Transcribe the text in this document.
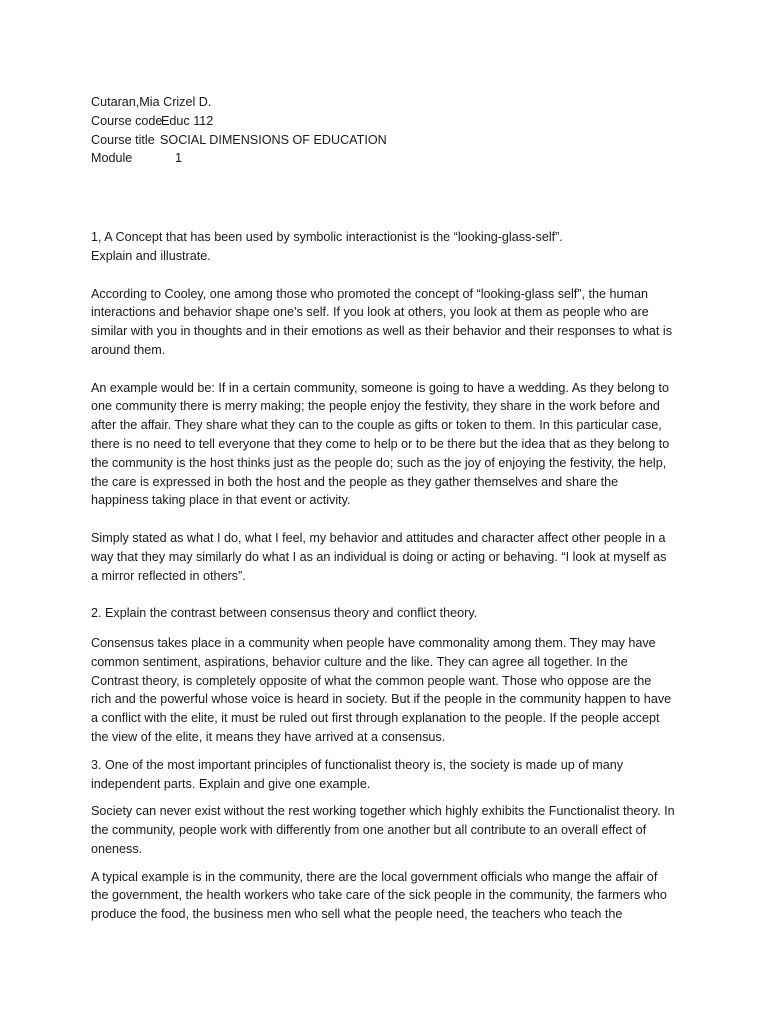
Cutaran,Mia Crizel D.
Course code
Educ 112
Course title SOCIAL DIMENSIONS OF EDUCATION
Module	1

1, A Concept that has been used by symbolic interactionist is the “looking-glass-self”.

Explain and illustrate.

According to Cooley, one among those who promoted the concept of “looking-glass self”, the human interactions and behavior shape one’s self. If you look at others, you look at them as people who are similar with you in thoughts and in their emotions as well as their behavior and their responses to what is around them.

An example would be: If in a certain community, someone is going to have a wedding. As they belong to one community there is merry making; the people enjoy the festivity, they share in the work before and after the affair. They share what they can to the couple as gifts or token to them. In this particular case, there is no need to tell everyone that they come to help or to be there but the idea that as they belong to the community is the host thinks just as the people do; such as the joy of enjoying the festivity, the help, the care is expressed in both the host and the people as they gather themselves and share the happiness taking place in that event or activity.

Simply stated as what I do, what I feel, my behavior and attitudes and character affect other people in a way that they may similarly do what I as an individual is doing or acting or behaving. “I look at myself as a mirror reflected in others”.

2. Explain the contrast between consensus theory and conflict theory.

Consensus takes place in a community when people have commonality among them. They may have common sentiment, aspirations, behavior culture and the like. They can agree all together. In the Contrast theory, is completely opposite of what the common people want. Those who oppose are the rich and the powerful whose voice is heard in society. But if the people in the community happen to have a conflict with the elite, it must be ruled out first through explanation to the people. If the people accept the view of the elite, it means they have arrived at a consensus.

3. One of the most important principles of functionalist theory is, the society is made up of many independent parts. Explain and give one example.

Society can never exist without the rest working together which highly exhibits the Functionalist theory. In the community, people work with differently from one another but all contribute to an overall effect of oneness.

A typical example is in the community, there are the local government officials who mange the affair of the government, the health workers who take care of the sick people in the community, the farmers who produce the food, the business men who sell what the people need, the teachers who teach the
